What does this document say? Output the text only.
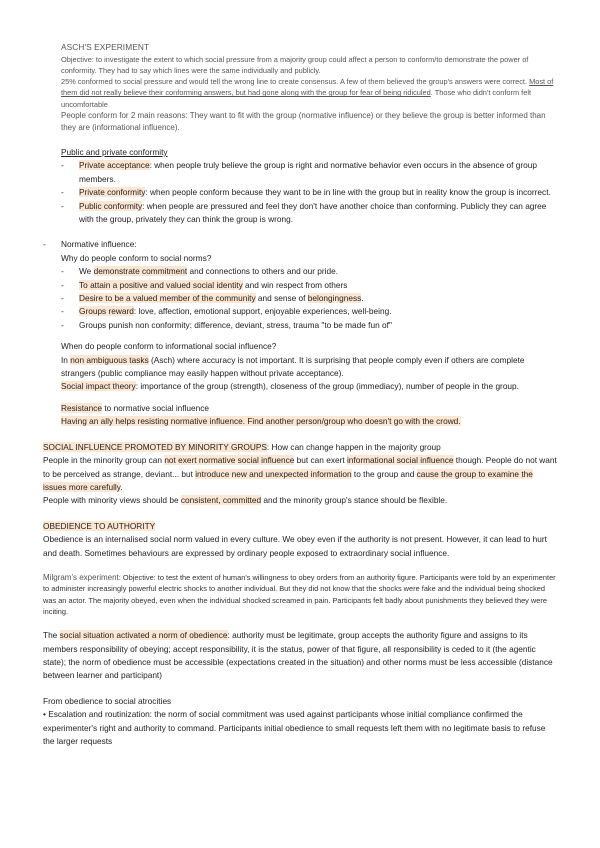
ASCH'S EXPERIMENT

Objective: to investigate the extent to which social pressure from a majority group could affect a person to conform/to demonstrate the power of conformity. They had to say which lines were the same individually and publicly.

25% conformed to social pressure and would tell the wrong line to create consensus. A few of them believed the group's answers were correct. Most of them did not really believe their conforming answers, but had gone along with the group for fear of being ridiculed. Those who didn't conform felt uncomfortable

People conform for 2 main reasons: They want to fit with the group (normative influence) or they believe the group is better informed than they are (informational influence).

Public and private conformity

- Private acceptance: when people truly believe the group is right and normative behavior even occurs in the absence of group members.
- Private conformity: when people conform because they want to be in line with the group but in reality know the group is incorrect.
- Public conformity: when people are pressured and feel they don't have another choice than conforming. Publicly they can agree with the group, privately they can think the group is wrong.
- Normative influence:

Why do people conform to social norms?

- We demonstrate commitment and connections to others and our pride.
- To attain a positive and valued social identity and win respect from others
- Desire to be a valued member of the community and sense of belongingness.
- Groups reward: love, affection, emotional support, enjoyable experiences, well-being.
- Groups punish non conformity: difference, deviant, stress, trauma "to be made fun of"

When do people conform to informational social influence?

In non ambiguous tasks (Asch) where accuracy is not important. It is surprising that people comply even if others are complete strangers (public compliance may easily happen without private acceptance).

Social impact theory: importance of the group (strength), closeness of the group (immediacy), number of people in the group.

Resistance to normative social influence

Having an ally helps resisting normative influence. Find another person/group who doesn't go with the crowd.

SOCIAL INFLUENCE PROMOTED BY MINORITY GROUPS: How can change happen in the majority group

People in the minority group can not exert normative social influence but can exert informational social influence though. People do not want to be perceived as strange, deviant... but introduce new and unexpected information to the group and cause the group to examine the issues more carefully.

People with minority views should be consistent, committed and the minority group's stance should be flexible.

OBEDIENCE TO AUTHORITY

Obedience is an internalised social norm valued in every culture. We obey even if the authority is not present. However, it can lead to hurt and death. Sometimes behaviours are expressed by ordinary people exposed to extraordinary social influence.

Milgram's experiment: Objective: to test the extent of human's willingness to obey orders from an authority figure. Participants were told by an experimenter to administer increasingly powerful electric shocks to another individual. But they did not know that the shocks were fake and the individual being shocked was an actor. The majority obeyed, even when the individual shocked screamed in pain. Participants felt badly about punishments they believed they were inciting.

The social situation activated a norm of obedience: authority must be legitimate, group accepts the authority figure and assigns to its members responsibility of obeying; accept responsibility, it is the status, power of that figure, all responsibility is ceded to it (the agentic state); the norm of obedience must be accessible (expectations created in the situation) and other norms must be less accessible (distance between learner and participant)

From obedience to social atrocities

• Escalation and routinization: the norm of social commitment was used against participants whose initial compliance confirmed the experimenter's right and authority to command. Participants initial obedience to small requests left them with no legitimate basis to refuse the larger requests
